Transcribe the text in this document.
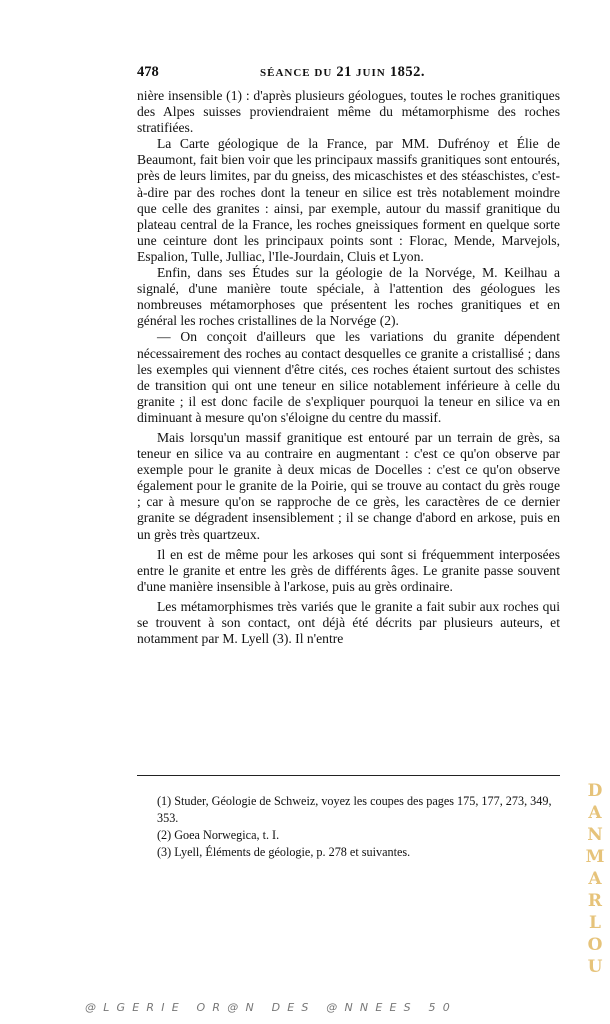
478	SÉANCE DU 21 JUIN 1852.

nière insensible (1) : d'après plusieurs géologues, toutes le roches granitiques des Alpes suisses proviendraient même du métamorphisme des roches stratifiées.

La Carte géologique de la France, par MM. Dufrénoy et Élie de Beaumont, fait bien voir que les principaux massifs granitiques sont entourés, près de leurs limites, par du gneiss, des micaschistes et des stéaschistes, c'est-à-dire par des roches dont la teneur en silice est très notablement moindre que celle des granites : ainsi, par exemple, autour du massif granitique du plateau central de la France, les roches gneissiques forment en quelque sorte une ceinture dont les principaux points sont : Florac, Mende, Marvejols, Espalion, Tulle, Julliac, l'Ile-Jourdain, Cluis et Lyon.

Enfin, dans ses Études sur la géologie de la Norvége, M. Keilhau a signalé, d'une manière toute spéciale, à l'attention des géologues les nombreuses métamorphoses que présentent les roches granitiques et en général les roches cristallines de la Norvége (2).

— On conçoit d'ailleurs que les variations du granite dépendent nécessairement des roches au contact desquelles ce granite a cristallisé ; dans les exemples qui viennent d'être cités, ces roches étaient surtout des schistes de transition qui ont une teneur en silice notablement inférieure à celle du granite ; il est donc facile de s'expliquer pourquoi la teneur en silice va en diminuant à mesure qu'on s'éloigne du centre du massif.

Mais lorsqu'un massif granitique est entouré par un terrain de grès, sa teneur en silice va au contraire en augmentant : c'est ce qu'on observe par exemple pour le granite à deux micas de Docelles : c'est ce qu'on observe également pour le granite de la Poirie, qui se trouve au contact du grès rouge ; car à mesure qu'on se rapproche de ce grès, les caractères de ce dernier granite se dégradent insensiblement ; il se change d'abord en arkose, puis en un grès très quartzeux.

Il en est de même pour les arkoses qui sont si fréquemment interposées entre le granite et entre les grès de différents âges. Le granite passe souvent d'une manière insensible à l'arkose, puis au grès ordinaire.

Les métamorphismes très variés que le granite a fait subir aux roches qui se trouvent à son contact, ont déjà été décrits par plusieurs auteurs, et notamment par M. Lyell (3). Il n'entre

(1) Studer, Géologie de Schweiz, voyez les coupes des pages 175, 177, 273, 349, 353.

(2) Goea Norwegica, t. I.

(3) Lyell, Éléments de géologie, p. 278 et suivantes.

DANMARLOU
@LGERIE OR@N DES @NNEES 50
